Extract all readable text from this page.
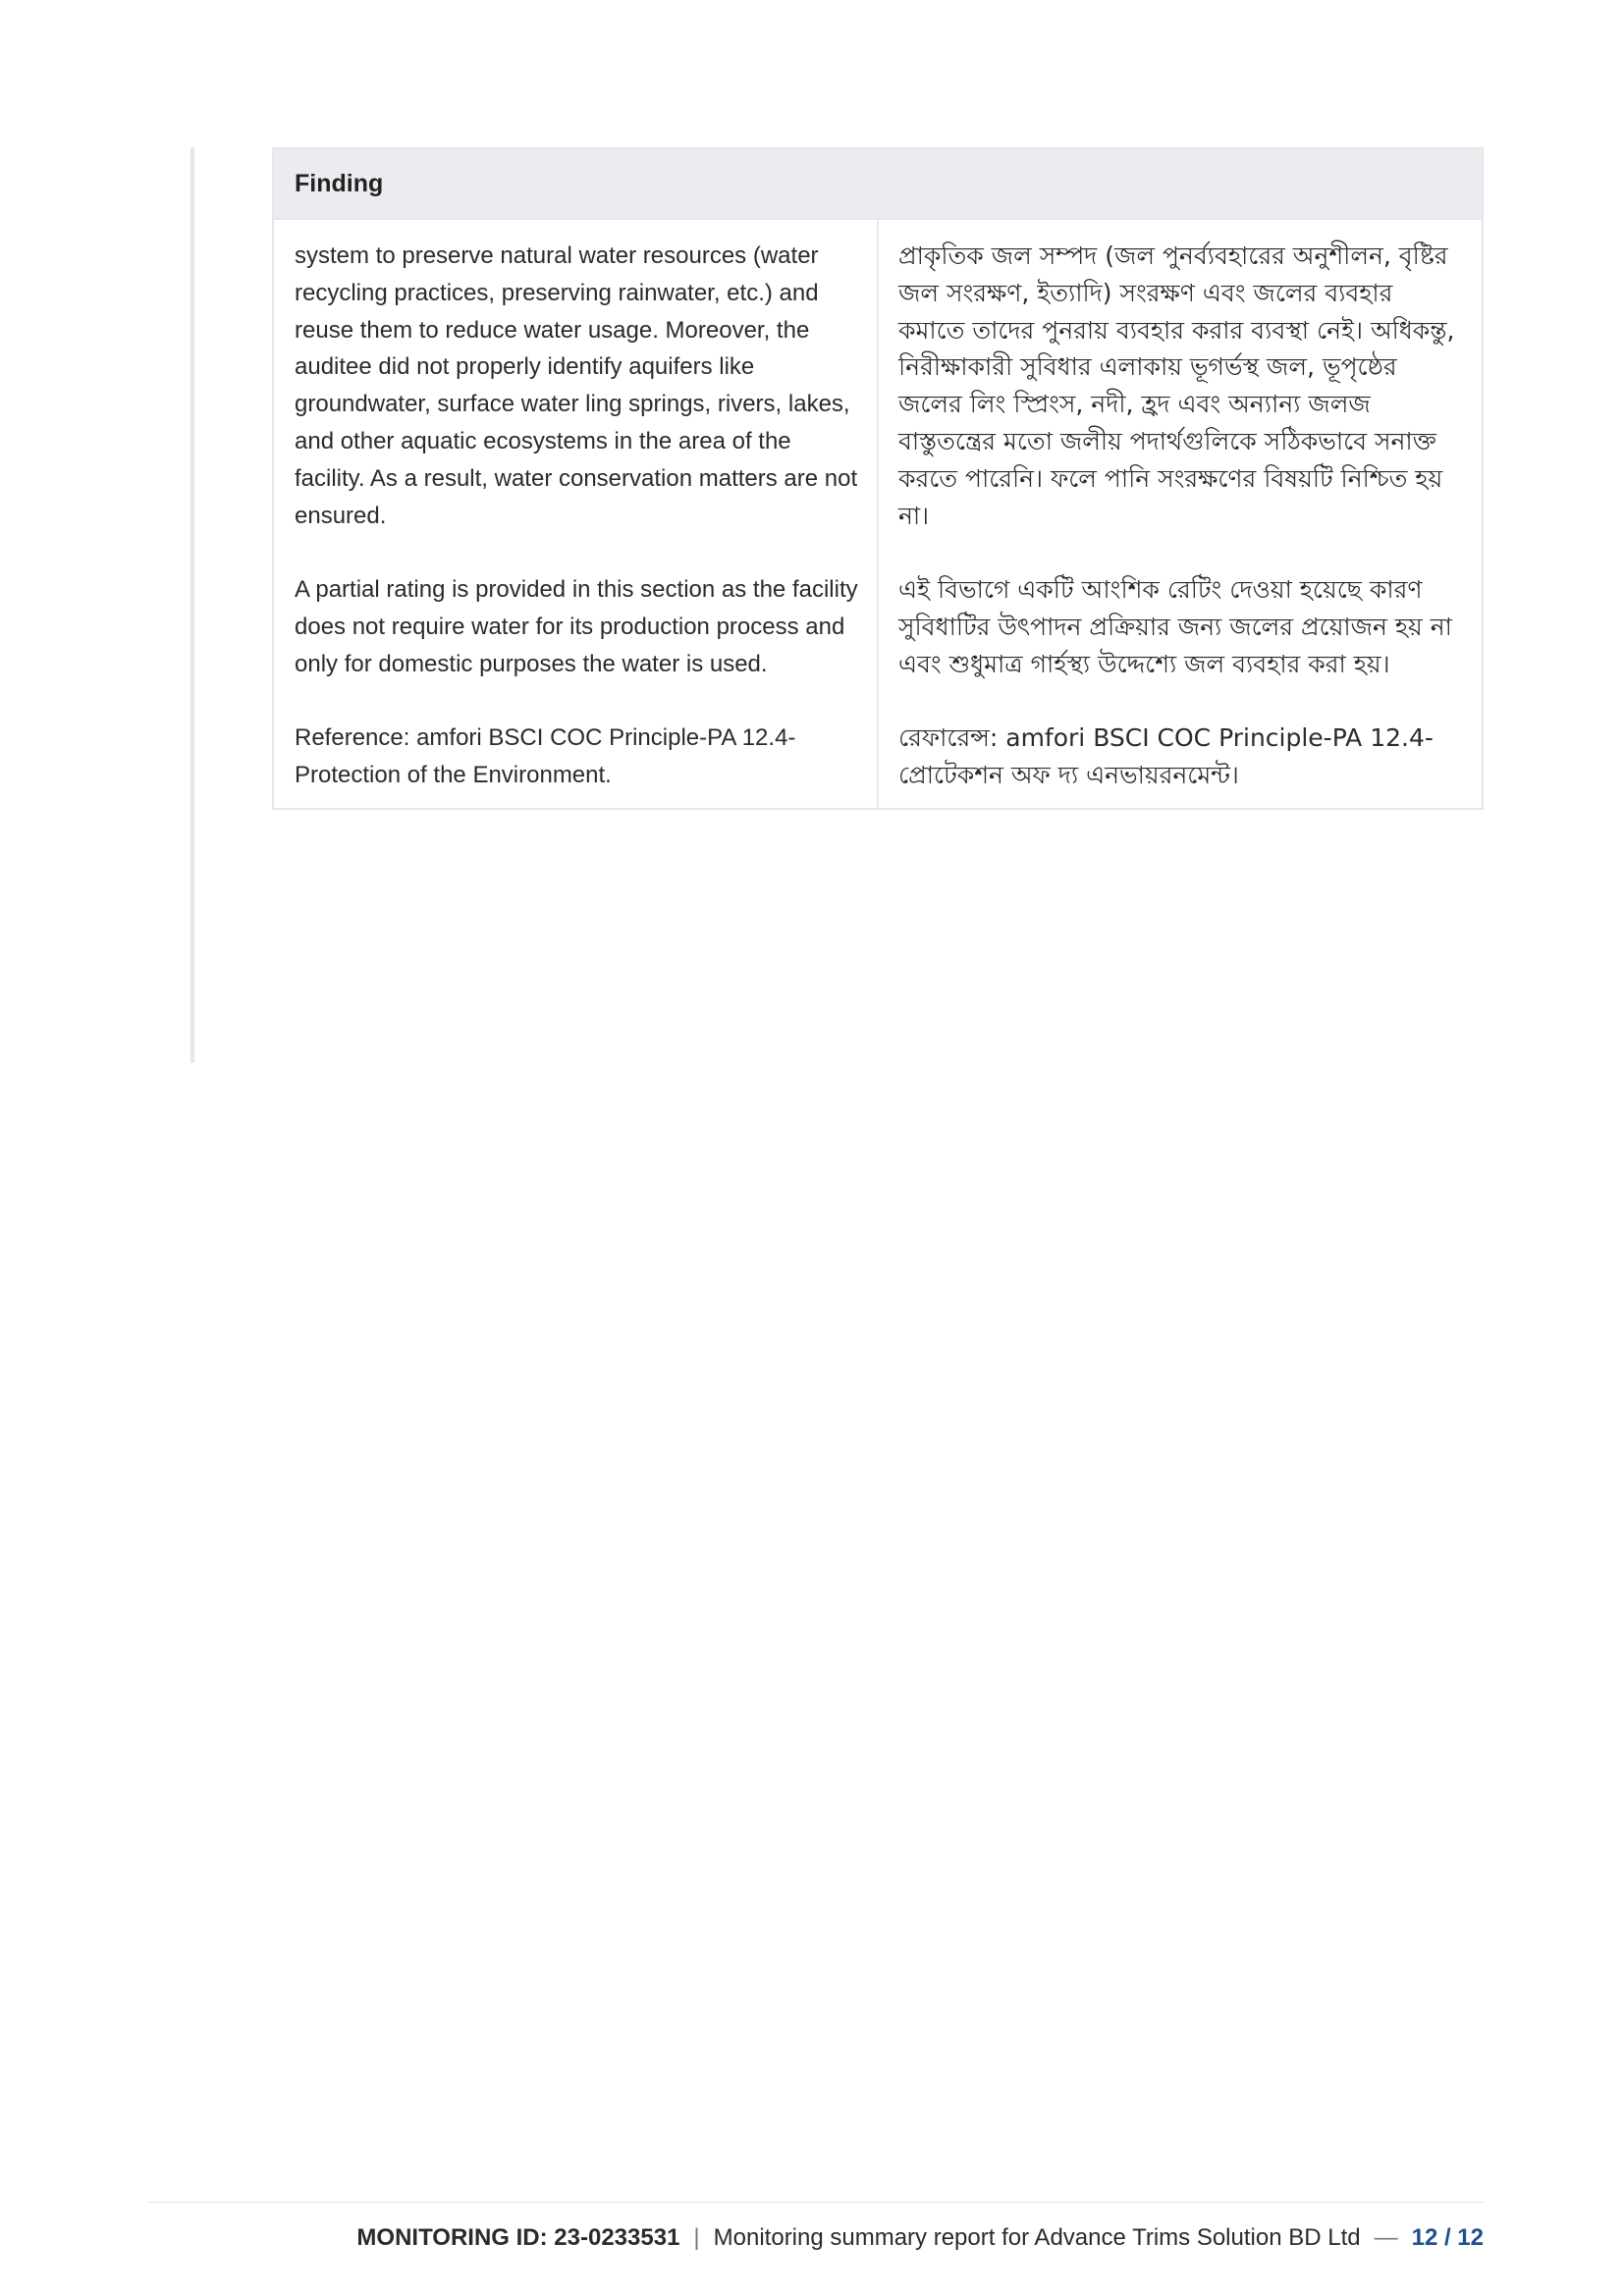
Finding
system to preserve natural water resources (water recycling practices, preserving rainwater, etc.) and reuse them to reduce water usage. Moreover, the auditee did not properly identify aquifers like groundwater, surface water ling springs, rivers, lakes, and other aquatic ecosystems in the area of the facility. As a result, water conservation matters are not ensured.

A partial rating is provided in this section as the facility does not require water for its production process and only for domestic purposes the water is used.

Reference: amfori BSCI COC Principle-PA 12.4-Protection of the Environment.
প্রাকৃতিক জল সম্পদ (জল পুনর্ব্যবহারের অনুশীলন, বৃষ্টির জল সংরক্ষণ, ইত্যাদি) সংরক্ষণ এবং জলের ব্যবহার কমাতে তাদের পুনরায় ব্যবহার করার ব্যবস্থা নেই। অধিকন্তু, নিরীক্ষাকারী সুবিধার এলাকায় ভূগর্ভস্থ জল, ভূপৃষ্ঠের জলের লিং স্প্রিংস, নদী, হ্রদ এবং অন্যান্য জলজ বাস্তুতন্ত্রের মতো জলীয় পদার্থগুলিকে সঠিকভাবে সনাক্ত করতে পারেনি। ফলে পানি সংরক্ষণের বিষয়টি নিশ্চিত হয় না।

এই বিভাগে একটি আংশিক রেটিং দেওয়া হয়েছে কারণ সুবিধাটির উৎপাদন প্রক্রিয়ার জন্য জলের প্রয়োজন হয় না এবং শুধুমাত্র গার্হস্থ্য উদ্দেশ্যে জল ব্যবহার করা হয়।

রেফারেন্স: amfori BSCI COC Principle-PA 12.4-প্রোটেকশন অফ দ্য এনভায়রনমেন্ট।
MONITORING ID: 23-0233531 | Monitoring summary report for Advance Trims Solution BD Ltd — 12 / 12
